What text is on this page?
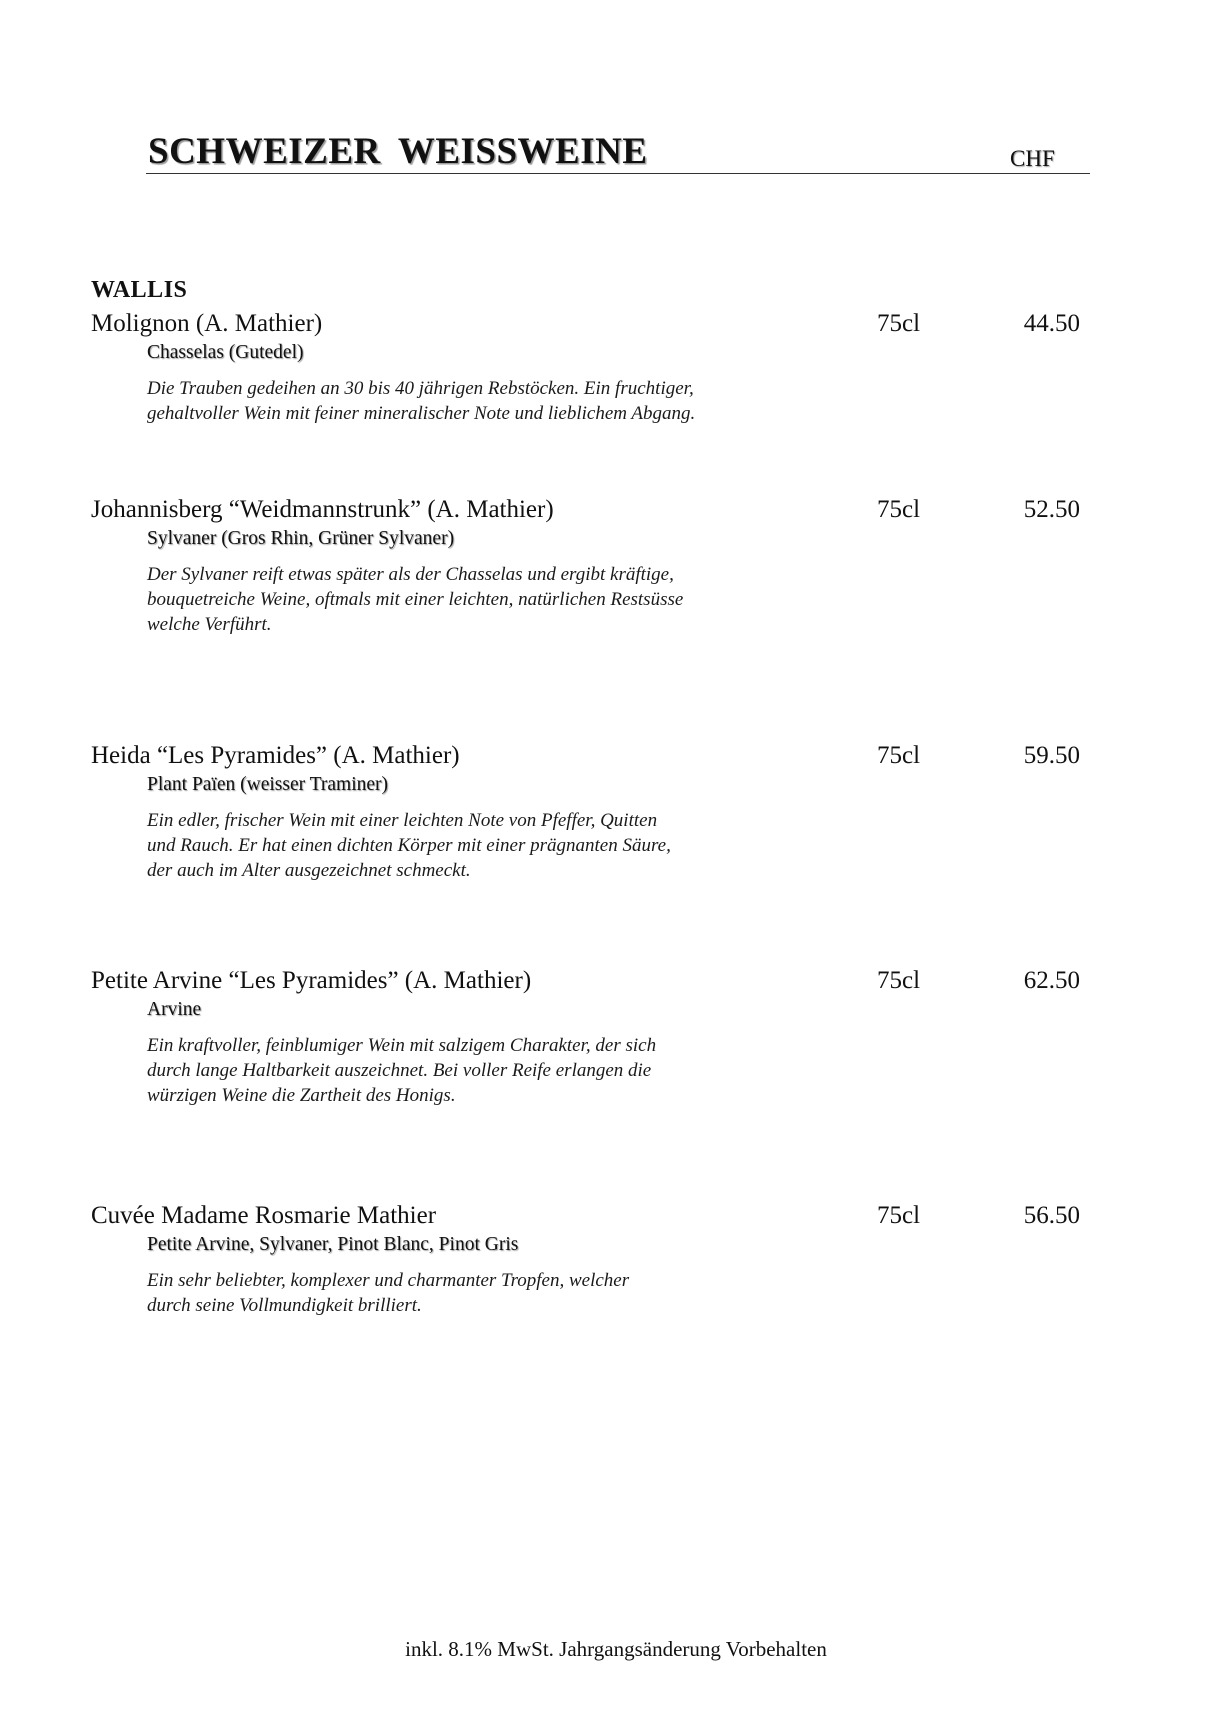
SCHWEIZER WEISSWEINE	CHF
WALLIS
Molignon (A. Mathier)	75cl	44.50
Chasselas (Gutedel)
Die Trauben gedeihen an 30 bis 40 jährigen Rebstöcken. Ein fruchtiger,
gehaltvoller Wein mit feiner mineralischer Note und lieblichem Abgang.
Johannisberg “Weidmannstrunk” (A. Mathier)	75cl	52.50
Sylvaner (Gros Rhin, Grüner Sylvaner)
Der Sylvaner reift etwas später als der Chasselas und ergibt kräftige,
bouquetreiche Weine, oftmals mit einer leichten, natürlichen Restsüsse
welche Verführt.
Heida “Les Pyramides” (A. Mathier)	75cl	59.50
Plant Païen (weisser Traminer)
Ein edler, frischer Wein mit einer leichten Note von Pfeffer, Quitten
und Rauch. Er hat einen dichten Körper mit einer prägnanten Säure,
der auch im Alter ausgezeichnet schmeckt.
Petite Arvine “Les Pyramides” (A. Mathier)	75cl	62.50
Arvine
Ein kraftvoller, feinblumiger Wein mit salzigem Charakter, der sich
durch lange Haltbarkeit auszeichnet. Bei voller Reife erlangen die
würzigen Weine die Zartheit des Honigs.
Cuvée Madame Rosmarie Mathier	75cl	56.50
Petite Arvine, Sylvaner, Pinot Blanc, Pinot Gris
Ein sehr beliebter, komplexer und charmanter Tropfen, welcher
durch seine Vollmundigkeit brilliert.
inkl. 8.1% MwSt. Jahrgangsänderung Vorbehalten
